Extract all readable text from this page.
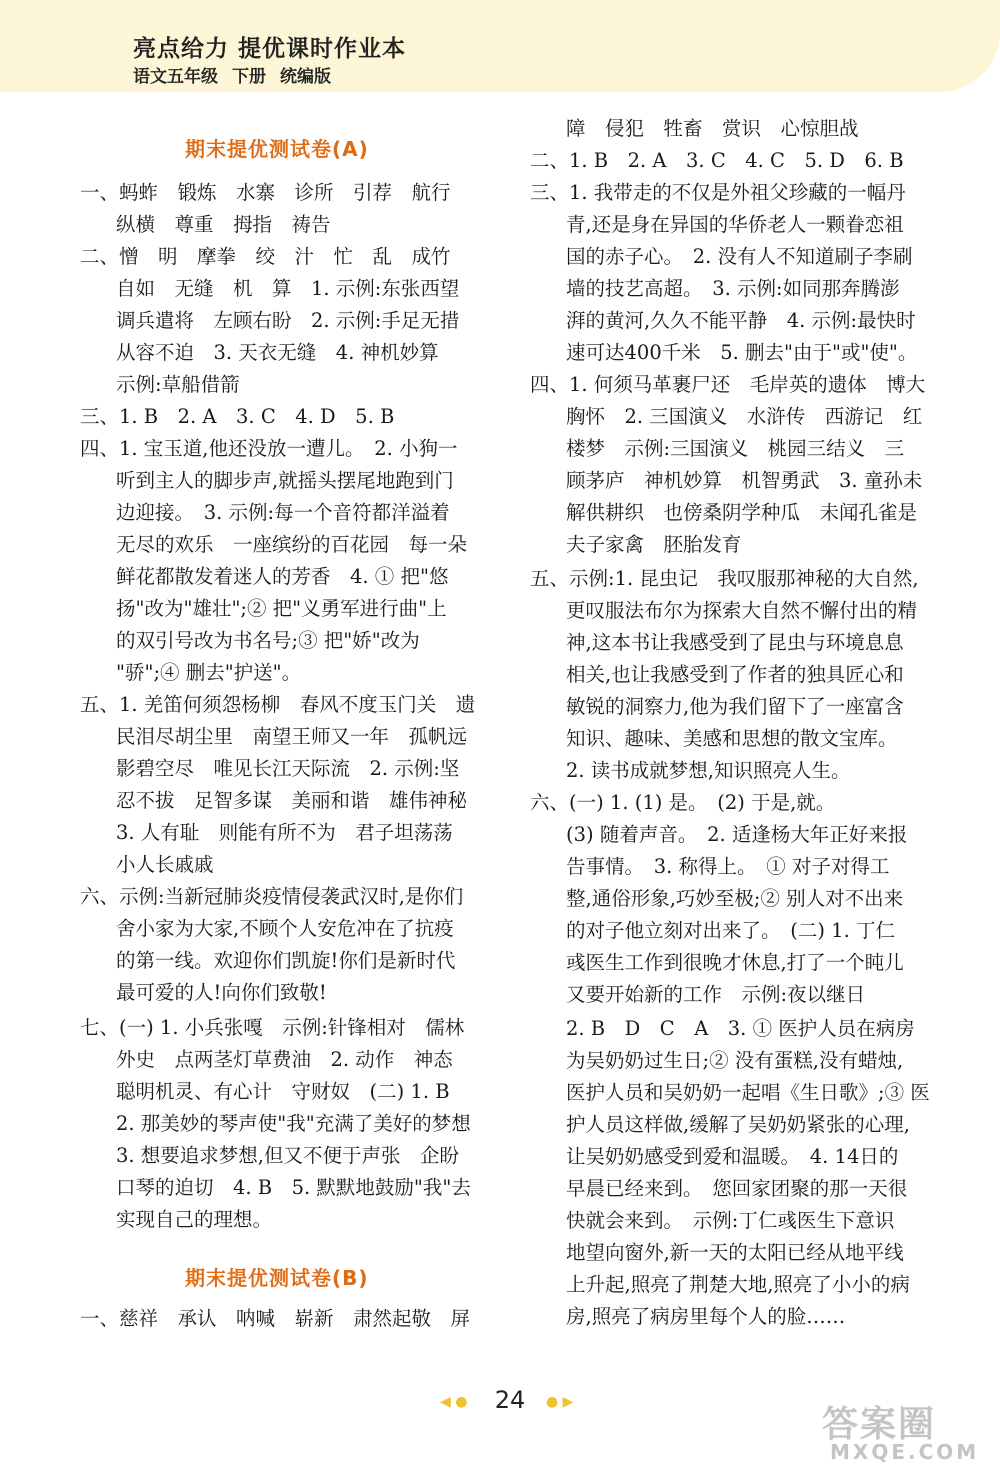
亮点给力 提优课时作业本
语文五年级 下册 统编版
期末提优测试卷(A)
一、蚂蚱　锻炼　水寨　诊所　引荐　航行
纵横　尊重　拇指　祷告
二、憎　明　摩拳　绞　汁　忙　乱　成竹
自如　无缝　机　算　1. 示例:东张西望
调兵遣将　左顾右盼　2. 示例:手足无措
从容不迫　3. 天衣无缝　4. 神机妙算
示例:草船借箭
三、1. B　2. A　3. C　4. D　5. B
四、1. 宝玉道,他还没放一遭儿。　2. 小狗一
听到主人的脚步声,就摇头摆尾地跑到门
边迎接。　3. 示例:每一个音符都洋溢着
无尽的欢乐　一座缤纷的百花园　每一朵
鲜花都散发着迷人的芳香　4. ① 把"悠
扬"改为"雄壮";② 把"义勇军进行曲"上
的双引号改为书名号;③ 把"娇"改为
"骄";④ 删去"护送"。
五、1. 羌笛何须怨杨柳　春风不度玉门关　遗
民泪尽胡尘里　南望王师又一年　孤帆远
影碧空尽　唯见长江天际流　2. 示例:坚
忍不拔　足智多谋　美丽和谐　雄伟神秘
3. 人有耻　则能有所不为　君子坦荡荡
小人长戚戚
六、示例:当新冠肺炎疫情侵袭武汉时,是你们
舍小家为大家,不顾个人安危冲在了抗疫
的第一线。欢迎你们凯旋!你们是新时代
最可爱的人!向你们致敬!
七、(一) 1. 小兵张嘎　示例:针锋相对　儒林
外史　点两茎灯草费油　2. 动作　神态
聪明机灵、有心计　守财奴　(二) 1. B
2. 那美妙的琴声使"我"充满了美好的梦想
3. 想要追求梦想,但又不便于声张　企盼
口琴的迫切　4. B　5. 默默地鼓励"我"去
实现自己的理想。
期末提优测试卷(B)
一、慈祥　承认　呐喊　崭新　肃然起敬　屏
障　侵犯　牲畜　赏识　心惊胆战
二、1. B　2. A　3. C　4. C　5. D　6. B
三、1. 我带走的不仅是外祖父珍藏的一幅丹
青,还是身在异国的华侨老人一颗眷恋祖
国的赤子心。　2. 没有人不知道刷子李刷
墙的技艺高超。　3. 示例:如同那奔腾澎
湃的黄河,久久不能平静　4. 示例:最快时
速可达400千米　5. 删去"由于"或"使"。
四、1. 何须马革裹尸还　毛岸英的遗体　博大
胸怀　2. 三国演义　水浒传　西游记　红
楼梦　示例:三国演义　桃园三结义　三
顾茅庐　神机妙算　机智勇武　3. 童孙未
解供耕织　也傍桑阴学种瓜　未闻孔雀是
夫子家禽　胚胎发育
五、示例:1. 昆虫记　我叹服那神秘的大自然,
更叹服法布尔为探索大自然不懈付出的精
神,这本书让我感受到了昆虫与环境息息
相关,也让我感受到了作者的独具匠心和
敏锐的洞察力,他为我们留下了一座富含
知识、趣味、美感和思想的散文宝库。
2. 读书成就梦想,知识照亮人生。
六、(一) 1. (1) 是。　(2) 于是,就。
(3) 随着声音。　2. 适逢杨大年正好来报
告事情。　3. 称得上。　① 对子对得工
整,通俗形象,巧妙至极;② 别人对不出来
的对子他立刻对出来了。　(二) 1. 丁仁
彧医生工作到很晚才休息,打了一个盹儿
又要开始新的工作　示例:夜以继日
2. B　D　C　A　3. ① 医护人员在病房
为吴奶奶过生日;② 没有蛋糕,没有蜡烛,
医护人员和吴奶奶一起唱《生日歌》;③ 医
护人员这样做,缓解了吴奶奶紧张的心理,
让吴奶奶感受到爱和温暖。　4. 14日的
早晨已经来到。　您回家团聚的那一天很
快就会来到。　示例:丁仁彧医生下意识
地望向窗外,新一天的太阳已经从地平线
上升起,照亮了荆楚大地,照亮了小小的病
房,照亮了病房里每个人的脸……
◀ ●	24	● ▶
答案圈
MXQE.COM
